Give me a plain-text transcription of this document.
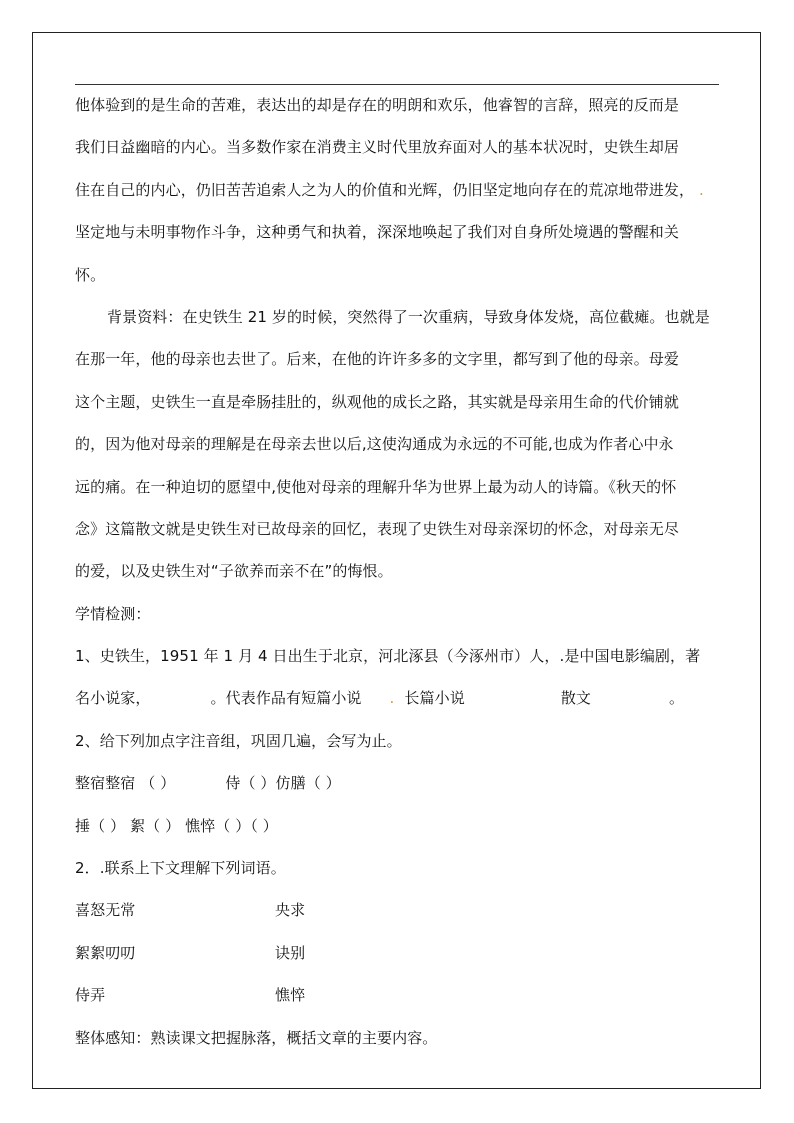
他体验到的是生命的苦难，表达出的却是存在的明朗和欢乐，他睿智的言辞，照亮的反而是
我们日益幽暗的内心。当多数作家在消费主义时代里放弃面对人的基本状况时，史铁生却居
住在自己的内心，仍旧苦苦追索人之为人的价值和光辉，仍旧坚定地向存在的荒凉地带进发， .
坚定地与未明事物作斗争，这种勇气和执着，深深地唤起了我们对自身所处境遇的警醒和关
怀。
背景资料：在史铁生 21 岁的时候，突然得了一次重病，导致身体发烧，高位截瘫。也就是
在那一年，他的母亲也去世了。后来，在他的许许多多的文字里，都写到了他的母亲。母爱
这个主题，史铁生一直是牵肠挂肚的，纵观他的成长之路，其实就是母亲用生命的代价铺就
的，因为他对母亲的理解是在母亲去世以后,这使沟通成为永远的不可能,也成为作者心中永
远的痛。在一种迫切的愿望中,使他对母亲的理解升华为世界上最为动人的诗篇。《秋天的怀
念》这篇散文就是史铁生对已故母亲的回忆，表现了史铁生对母亲深切的怀念，对母亲无尽
的爱，以及史铁生对“子欲养而亲不在”的悔恨。
学情检测：
1、史铁生，1951 年 1 月 4 日出生于北京，河北涿县（今涿州市）人，.是中国电影编剧，著
名小说家，	。代表作品有短篇小说 . 长篇小说	散文	。
2、给下列加点字注音组，巩固几遍，会写为止。
整宿整宿 （ ）	侍（ ）仿膳（ ）
捶（ ） 絮（ ） 憔悴（ ）（ ）
2．.联系上下文理解下列词语。
喜怒无常	央求
絮絮叨叨	诀别
侍弄	憔悴
整体感知：熟读课文把握脉落，概括文章的主要内容。
